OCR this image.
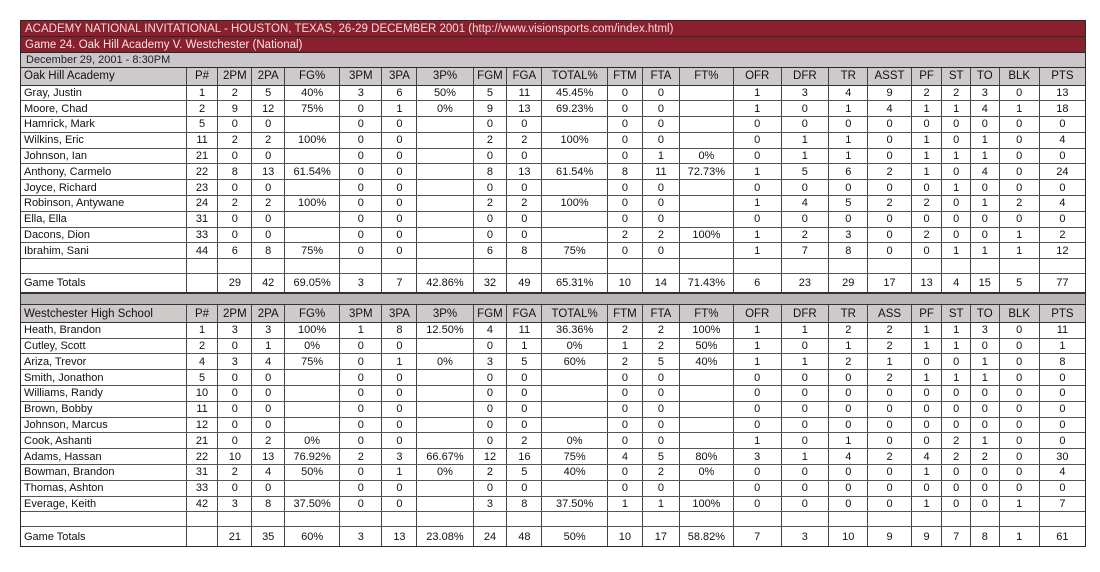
ACADEMY NATIONAL INVITATIONAL - HOUSTON, TEXAS, 26-29 DECEMBER 2001 (http://www.visionsports.com/index.html)
Game 24. Oak Hill Academy V. Westchester (National)
December 29, 2001 - 8:30PM
Oak Hill Academy	P#	2PM	2PA	FG%	3PM	3PA	3P%	FGM	FGA	TOTAL%	FTM	FTA	FT%	OFR	DFR	TR	ASST	PF	ST	TO	BLK	PTS
Gray, Justin	1	2	5	40%	3	6	50%	5	11	45.45%	0	0		1	3	4	9	2	2	3	0	13
Moore, Chad	2	9	12	75%	0	1	0%	9	13	69.23%	0	0		1	0	1	4	1	1	4	1	18
Hamrick, Mark	5	0	0		0	0		0	0		0	0		0	0	0	0	0	0	0	0	0
Wilkins, Eric	11	2	2	100%	0	0		2	2	100%	0	0		0	1	1	0	1	0	1	0	4
Johnson, Ian	21	0	0		0	0		0	0		0	1	0%	0	1	1	0	1	1	1	0	0
Anthony, Carmelo	22	8	13	61.54%	0	0		8	13	61.54%	8	11	72.73%	1	5	6	2	1	0	4	0	24
Joyce, Richard	23	0	0		0	0		0	0		0	0		0	0	0	0	0	1	0	0	0
Robinson, Antywane	24	2	2	100%	0	0		2	2	100%	0	0		1	4	5	2	2	0	1	2	4
Ella, Ella	31	0	0		0	0		0	0		0	0		0	0	0	0	0	0	0	0	0
Dacons, Dion	33	0	0		0	0		0	0		2	2	100%	1	2	3	0	2	0	0	1	2
Ibrahim, Sani	44	6	8	75%	0	0		6	8	75%	0	0		1	7	8	0	0	1	1	1	12

Game Totals		29	42	69.05%	3	7	42.86%	32	49	65.31%	10	14	71.43%	6	23	29	17	13	4	15	5	77
Westchester High School	P#	2PM	2PA	FG%	3PM	3PA	3P%	FGM	FGA	TOTAL%	FTM	FTA	FT%	OFR	DFR	TR	ASS	PF	ST	TO	BLK	PTS
Heath, Brandon	1	3	3	100%	1	8	12.50%	4	11	36.36%	2	2	100%	1	1	2	2	1	1	3	0	11
Cutley, Scott	2	0	1	0%	0	0		0	1	0%	1	2	50%	1	0	1	2	1	1	0	0	1
Ariza, Trevor	4	3	4	75%	0	1	0%	3	5	60%	2	5	40%	1	1	2	1	0	0	1	0	8
Smith, Jonathon	5	0	0		0	0		0	0		0	0		0	0	0	2	1	1	1	0	0
Williams, Randy	10	0	0		0	0		0	0		0	0		0	0	0	0	0	0	0	0	0
Brown, Bobby	11	0	0		0	0		0	0		0	0		0	0	0	0	0	0	0	0	0
Johnson, Marcus	12	0	0		0	0		0	0		0	0		0	0	0	0	0	0	0	0	0
Cook, Ashanti	21	0	2	0%	0	0		0	2	0%	0	0		1	0	1	0	0	2	1	0	0
Adams, Hassan	22	10	13	76.92%	2	3	66.67%	12	16	75%	4	5	80%	3	1	4	2	4	2	2	0	30
Bowman, Brandon	31	2	4	50%	0	1	0%	2	5	40%	0	2	0%	0	0	0	0	1	0	0	0	4
Thomas, Ashton	33	0	0		0	0		0	0		0	0		0	0	0	0	0	0	0	0	0
Everage, Keith	42	3	8	37.50%	0	0		3	8	37.50%	1	1	100%	0	0	0	0	1	0	0	1	7

Game Totals		21	35	60%	3	13	23.08%	24	48	50%	10	17	58.82%	7	3	10	9	9	7	8	1	61
